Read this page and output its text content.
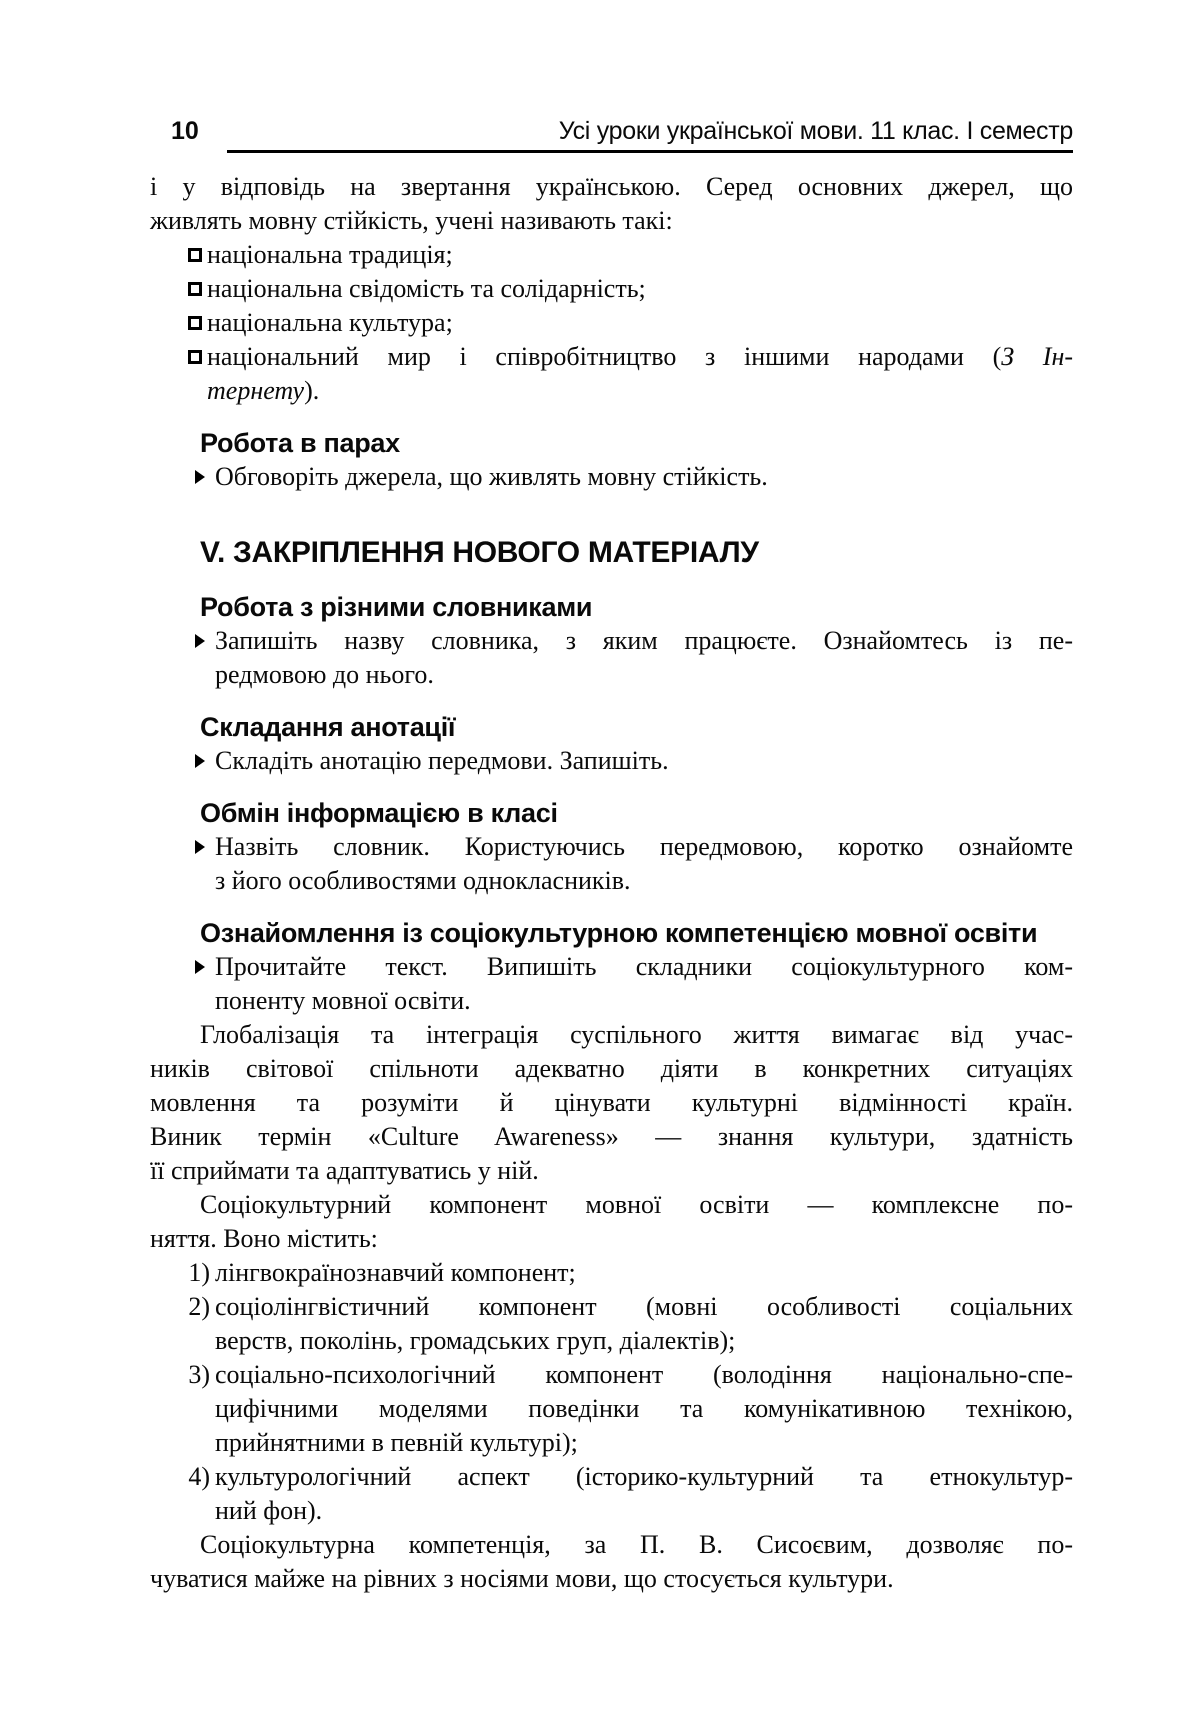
10	Усі уроки української мови. 11 клас. І семестр
і у відповідь на звертання українською. Серед основних джерел, що
живлять мовну стійкість, учені називають такі:
національна традиція;
національна свідомість та солідарність;
національна культура;
національний мир і співробітництво з іншими народами (З Ін-
тернету).
Робота в парах
Обговоріть джерела, що живлять мовну стійкість.
V. ЗАКРІПЛЕННЯ НОВОГО МАТЕРІАЛУ
Робота з різними словниками
Запишіть назву словника, з яким працюєте. Ознайомтесь із пе-
редмовою до нього.
Складання анотації
Складіть анотацію передмови. Запишіть.
Обмін інформацією в класі
Назвіть словник. Користуючись передмовою, коротко ознайомте
з його особливостями однокласників.
Ознайомлення із соціокультурною компетенцією мовної освіти
Прочитайте текст. Випишіть складники соціокультурного ком-
поненту мовної освіти.
Глобалізація та інтеграція суспільного життя вимагає від учас-
ників світової спільноти адекватно діяти в конкретних ситуаціях
мовлення та розуміти й цінувати культурні відмінності країн.
Виник термін «Culture Awareness» — знання культури, здатність
її сприймати та адаптуватись у ній.
Соціокультурний компонент мовної освіти — комплексне по-
няття. Воно містить:
1) лінгвокраїнознавчий компонент;
2) соціолінгвістичний компонент (мовні особливості соціальних
верств, поколінь, громадських груп, діалектів);
3) соціально-психологічний компонент (володіння національно-спе-
цифічними моделями поведінки та комунікативною технікою,
прийнятними в певній культурі);
4) культурологічний аспект (історико-культурний та етнокультур-
ний фон).
Соціокультурна компетенція, за П. В. Сисоєвим, дозволяє по-
чуватися майже на рівних з носіями мови, що стосується культури.
